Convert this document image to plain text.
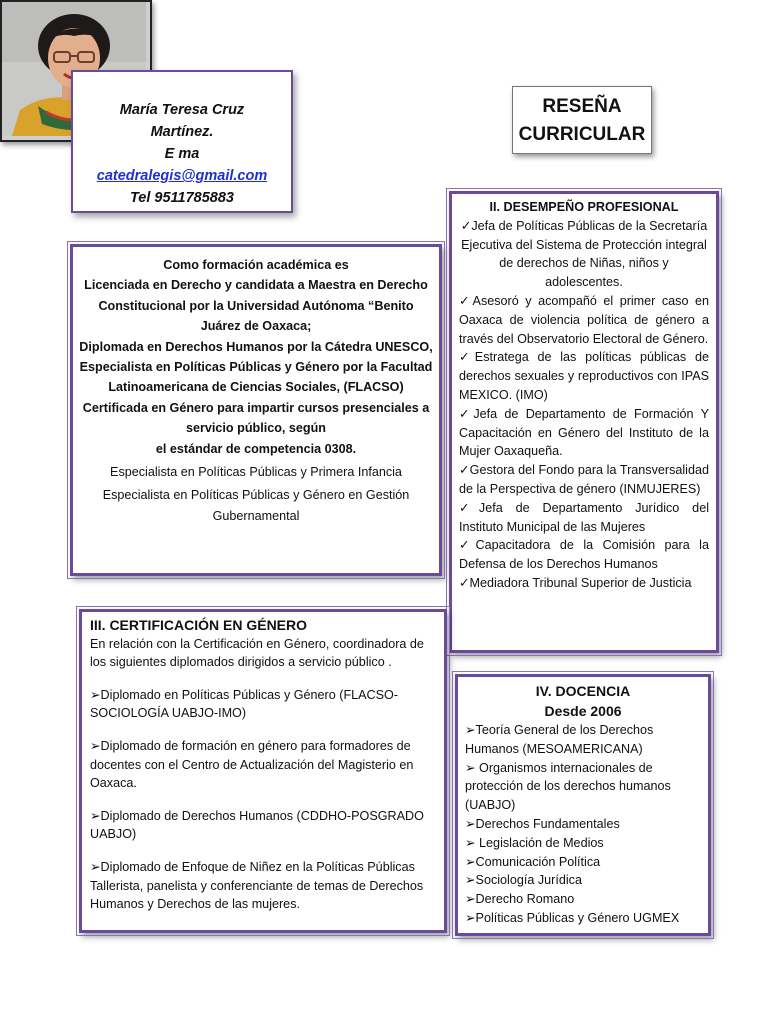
María Teresa Cruz
Martínez.
E ma
catedralegis@gmail.com
Tel 9511785883
RESEÑA
CURRICULAR

Como formación académica es

Licenciada en Derecho y candidata a Maestra en Derecho Constitucional por la Universidad Autónoma “Benito Juárez de Oaxaca;

Diplomada en Derechos Humanos por la Cátedra UNESCO,

Especialista en Políticas Públicas y Género por la Facultad Latinoamericana de Ciencias Sociales, (FLACSO)

Certificada en Género para impartir cursos presenciales a servicio público, según

el estándar de competencia 0308.

Especialista en Políticas Públicas y Primera Infancia

Especialista en Políticas Públicas y Género en Gestión Gubernamental

II. DESEMPEÑO PROFESIONAL

✓Jefa de Políticas Públicas de la Secretaría Ejecutiva del Sistema de Protección integral de derechos de Niñas, niños y adolescentes.

✓Asesoró y acompañó el primer caso en Oaxaca de violencia política de género a través del Observatorio Electoral de Género.

✓Estratega de las políticas públicas de derechos sexuales y reproductivos con IPAS MEXICO. (IMO)

✓Jefa de Departamento de Formación Y Capacitación en Género del Instituto de la Mujer Oaxaqueña.

✓Gestora del Fondo para la Transversalidad de la Perspectiva de género (INMUJERES)

✓Jefa de Departamento Jurídico del Instituto Municipal de las Mujeres

✓Capacitadora de la Comisión para la Defensa de los Derechos Humanos

✓Mediadora Tribunal Superior de Justicia

III. CERTIFICACIÓN EN GÉNERO

En relación con la Certificación en Género, coordinadora de los siguientes diplomados dirigidos a servicio público .

➢Diplomado en Políticas Públicas y Género (FLACSO-SOCIOLOGÍA UABJO-IMO)

➢Diplomado de formación en género para formadores de docentes con el Centro de Actualización del Magisterio en Oaxaca.

➢Diplomado de Derechos Humanos (CDDHO-POSGRADO UABJO)

➢Diplomado de Enfoque de Niñez en la Políticas Públicas Tallerista, panelista y conferenciante de temas de Derechos Humanos y Derechos de las mujeres.

IV. DOCENCIA
Desde 2006

➢Teoría General de los Derechos Humanos (MESOAMERICANA)

➢ Organismos internacionales de protección de los derechos humanos (UABJO)

➢Derechos Fundamentales

➢ Legislación de Medios

➢Comunicación Política

➢Sociología Jurídica

➢Derecho Romano

➢Políticas Públicas y Género UGMEX
